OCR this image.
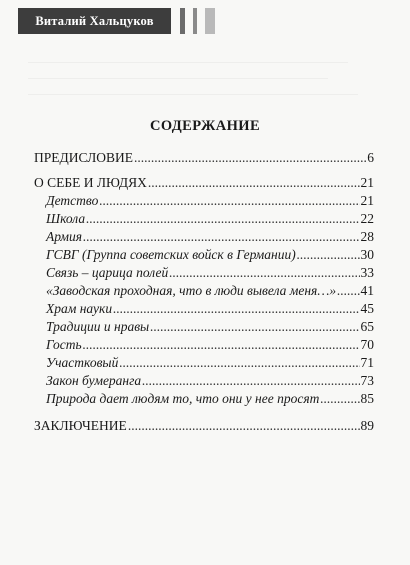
Виталий Хальцуков
СОДЕРЖАНИЕ
ПРЕДИСЛОВИЕ .....	6
О СЕБЕ И ЛЮДЯХ .....	21
Детство .....	21
Школа .....	22
Армия .....	28
ГСВГ (Группа советских войск в Германии) .....	30
Связь – царица полей .....	33
«Заводская проходная, что в люди вывела меня…» ..... 41
Храм науки .....	45
Традиции и нравы .....	65
Гость .....	70
Участковый .....	71
Закон бумеранга .....	73
Природа дает людям то, что они у нее просят .....	85
ЗАКЛЮЧЕНИЕ .....	89
